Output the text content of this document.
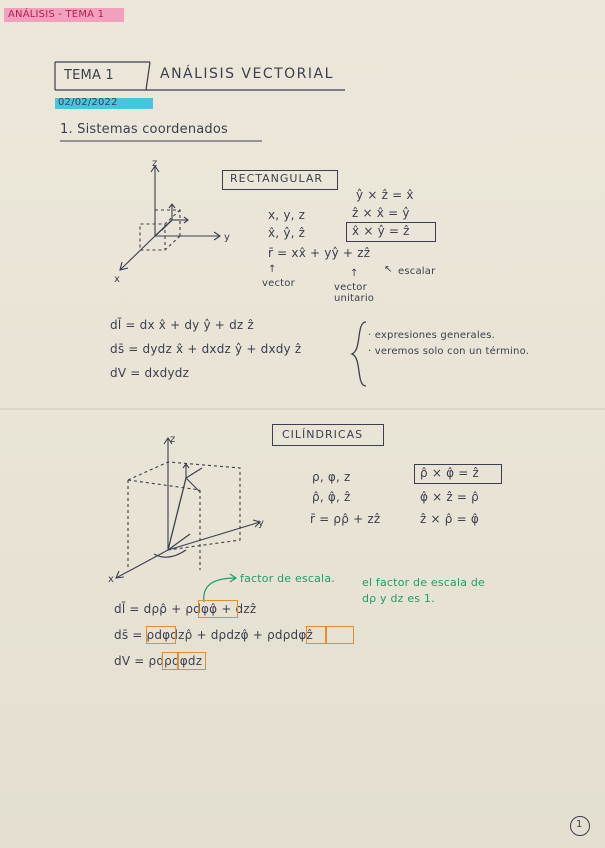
ANÁLISIS - TEMA 1
TEMA 1	ANÁLISIS VECTORIAL
02/02/2022
1. Sistemas coordenados
z
y
x
RECTANGULAR
x, y, z
x̂, ŷ, ẑ
r̄ = xx̂ + yŷ + zẑ
↑
vector
↑
vector unitario
↖ escalar
ŷ × ẑ = x̂
ẑ × x̂ = ŷ
x̂ × ŷ = ẑ
dl̄ = dx x̂ + dy ŷ + dz ẑ
ds̄ = dydz x̂ + dxdz ŷ + dxdy ẑ
dV = dxdydz
· expresiones generales.
· veremos solo con un término.
CILÍNDRICAS
z
y
x
ρ, φ, z
ρ̂, φ̂, ẑ
r̄ = ρρ̂ + zẑ
ρ̂ × φ̂ = ẑ
φ̂ × ẑ = ρ̂
ẑ × ρ̂ = φ̂
factor de escala. el factor de escala de
dρ y dz es 1.
dl̄ = dρρ̂ + ρdφφ̂ + dzẑ
ds̄ = ρdφdzρ̂ + dρdzφ̂ + ρdρdφẑ
dV = ρdρdφdz
1
